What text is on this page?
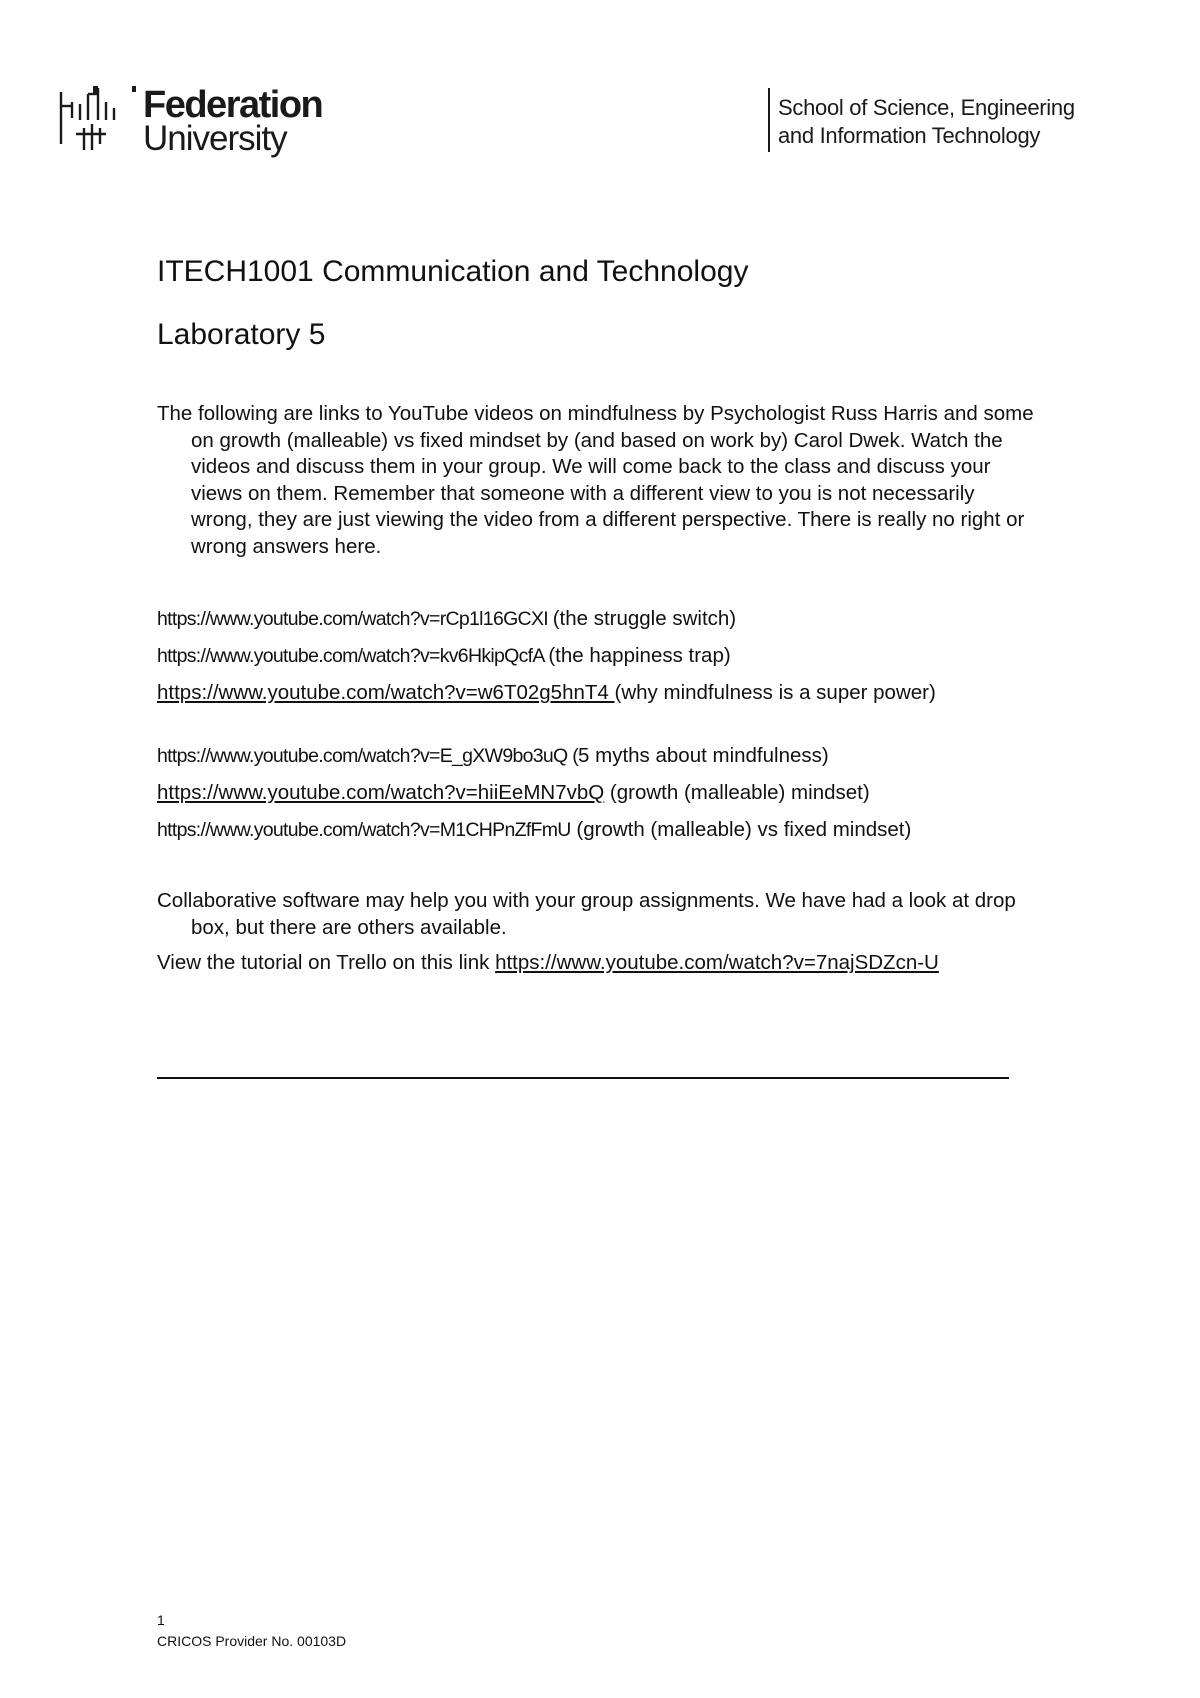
Federation
University
School of Science, Engineering
and Information Technology
ITECH1001 Communication and Technology
Laboratory 5
The following are links to YouTube videos on mindfulness by Psychologist Russ Harris and some on growth (malleable) vs fixed mindset by (and based on work by) Carol Dwek. Watch the videos and discuss them in your group. We will come back to the class and discuss your views on them. Remember that someone with a different view to you is not necessarily wrong, they are just viewing the video from a different perspective. There is really no right or wrong answers here.
https://www.youtube.com/watch?v=rCp1l16GCXI (the struggle switch)
https://www.youtube.com/watch?v=kv6HkipQcfA (the happiness trap)
https://www.youtube.com/watch?v=w6T02g5hnT4 (why mindfulness is a super power)
https://www.youtube.com/watch?v=E_gXW9bo3uQ (5 myths about mindfulness)
https://www.youtube.com/watch?v=hiiEeMN7vbQ (growth (malleable) mindset)
https://www.youtube.com/watch?v=M1CHPnZfFmU (growth (malleable) vs fixed mindset)
Collaborative software may help you with your group assignments. We have had a look at drop box, but there are others available.
View the tutorial on Trello on this link https://www.youtube.com/watch?v=7najSDZcn-U
1
CRICOS Provider No. 00103D
